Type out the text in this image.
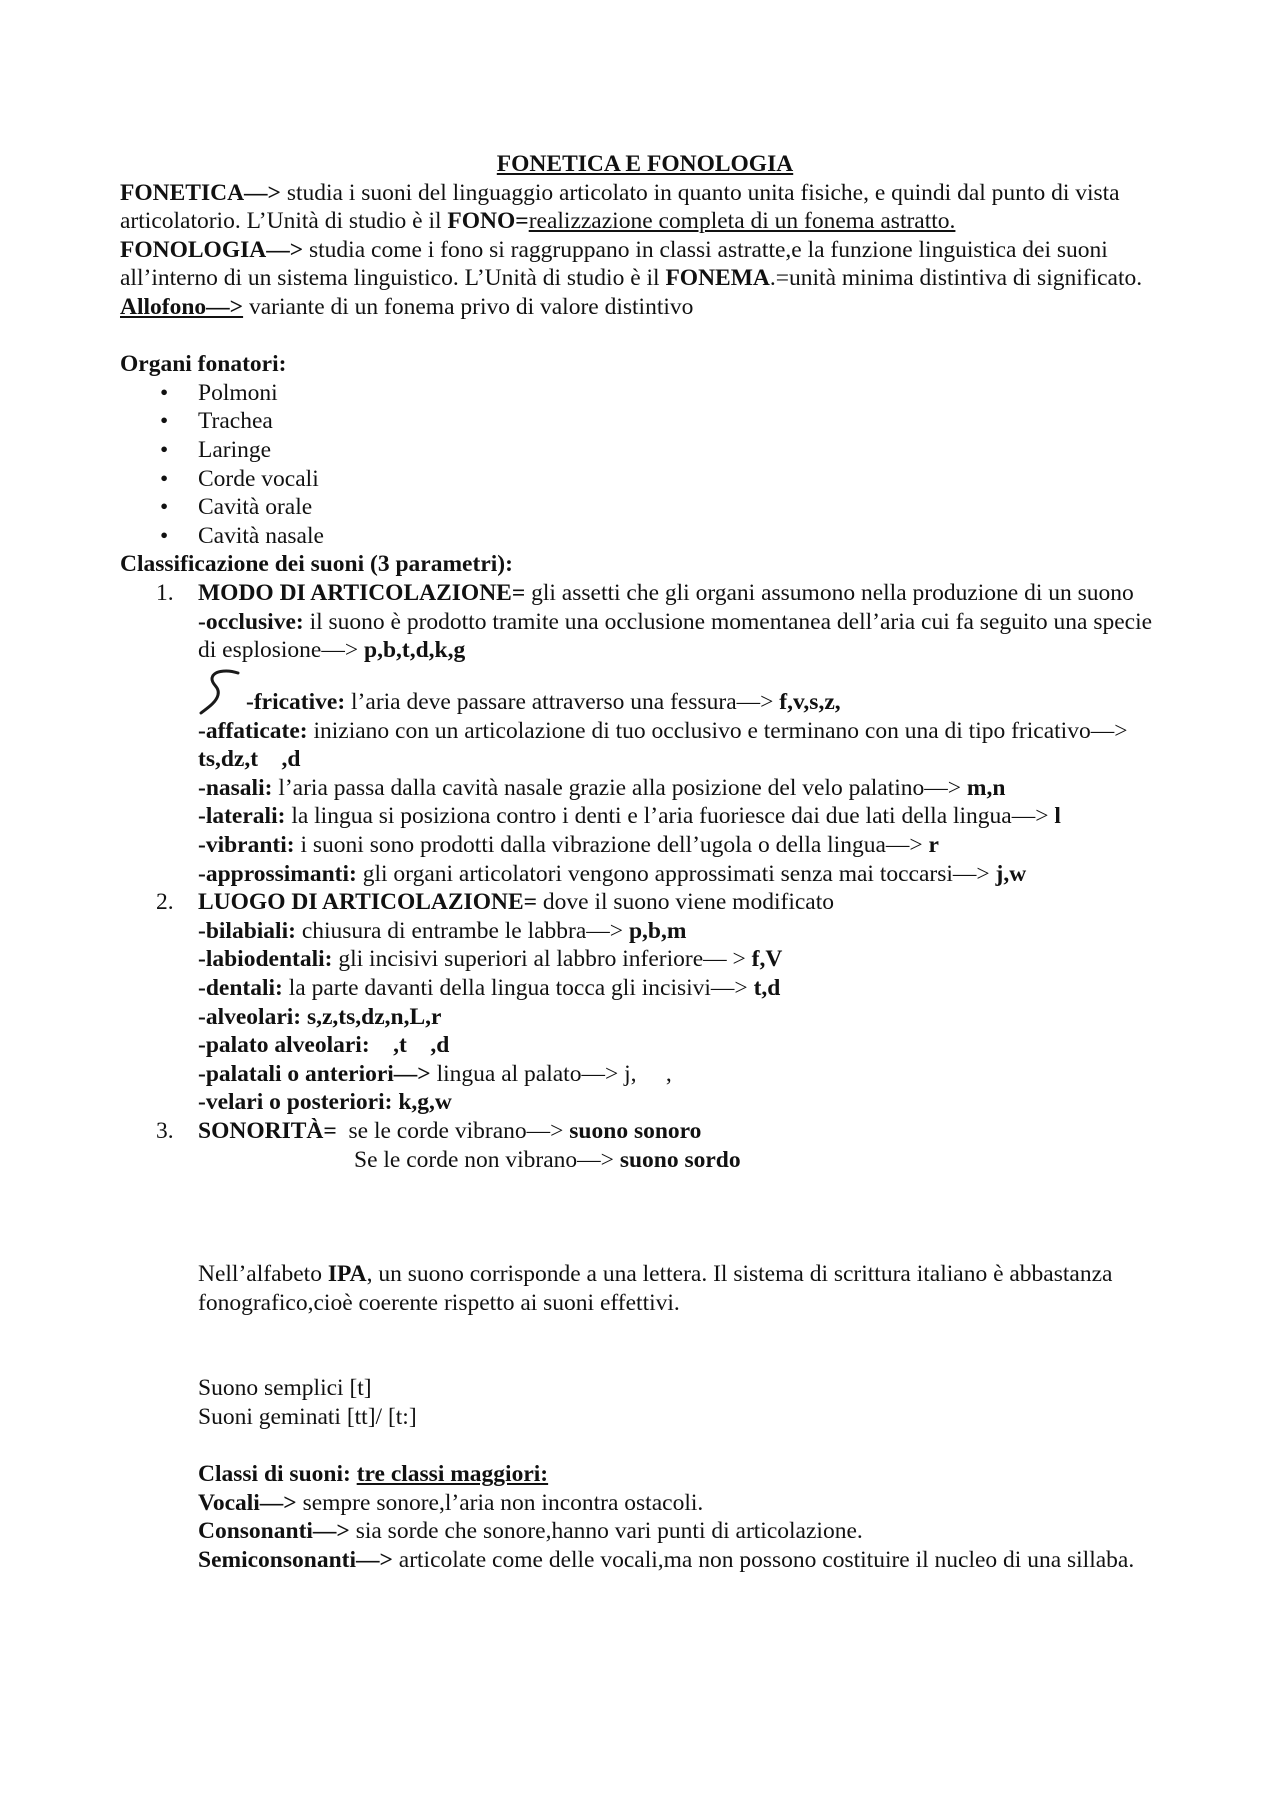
FONETICA E FONOLOGIA
FONETICA—> studia i suoni del linguaggio articolato in quanto unita fisiche, e quindi dal punto di vista articolatorio. L’Unità di studio è il FONO=realizzazione completa di un fonema astratto.
FONOLOGIA—> studia come i fono si raggruppano in classi astratte,e la funzione linguistica dei suoni all’interno di un sistema linguistico. L’Unità di studio è il FONEMA.=unità minima distintiva di significato.
Allofono—> variante di un fonema privo di valore distintivo
Organi fonatori:
• Polmoni
• Trachea
• Laringe
• Corde vocali
• Cavità orale
• Cavità nasale
Classificazione dei suoni (3 parametri):
1. MODO DI ARTICOLAZIONE= gli assetti che gli organi assumono nella produzione di un suono
-occlusive: il suono è prodotto tramite una occlusione momentanea dell’aria cui fa seguito una specie di esplosione—> p,b,t,d,k,g
-fricative: l’aria deve passare attraverso una fessura—> f,v,s,z,
-affaticate: iniziano con un articolazione di tuo occlusivo e terminano con una di tipo fricativo—> ts,dz,t    ,d
-nasali: l’aria passa dalla cavità nasale grazie alla posizione del velo palatino—> m,n
-laterali: la lingua si posiziona contro i denti e l’aria fuoriesce dai due lati della lingua—> l
-vibranti: i suoni sono prodotti dalla vibrazione dell’ugola o della lingua—> r
-approssimanti: gli organi articolatori vengono approssimati senza mai toccarsi—> j,w
2. LUOGO DI ARTICOLAZIONE= dove il suono viene modificato
-bilabiali: chiusura di entrambe le labbra—> p,b,m
-labiodentali: gli incisivi superiori al labbro inferiore— > f,V
-dentali: la parte davanti della lingua tocca gli incisivi—> t,d
-alveolari: s,z,ts,dz,n,L,r
-palato alveolari: ,t    ,d
-palatali o anteriori—> lingua al palato—> j,     ,
-velari o posteriori: k,g,w
3. SONORITÀ=  se le corde vibrano—> suono sonoro
Se le corde non vibrano—> suono sordo
Nell’alfabeto IPA, un suono corrisponde a una lettera. Il sistema di scrittura italiano è abbastanza fonografico,cioè coerente rispetto ai suoni effettivi.
Suono semplici [t]
Suoni geminati [tt]/ [t:]
Classi di suoni: tre classi maggiori:
Vocali—> sempre sonore,l’aria non incontra ostacoli.
Consonanti—> sia sorde che sonore,hanno vari punti di articolazione.
Semiconsonanti—> articolate come delle vocali,ma non possono costituire il nucleo di una sillaba.
